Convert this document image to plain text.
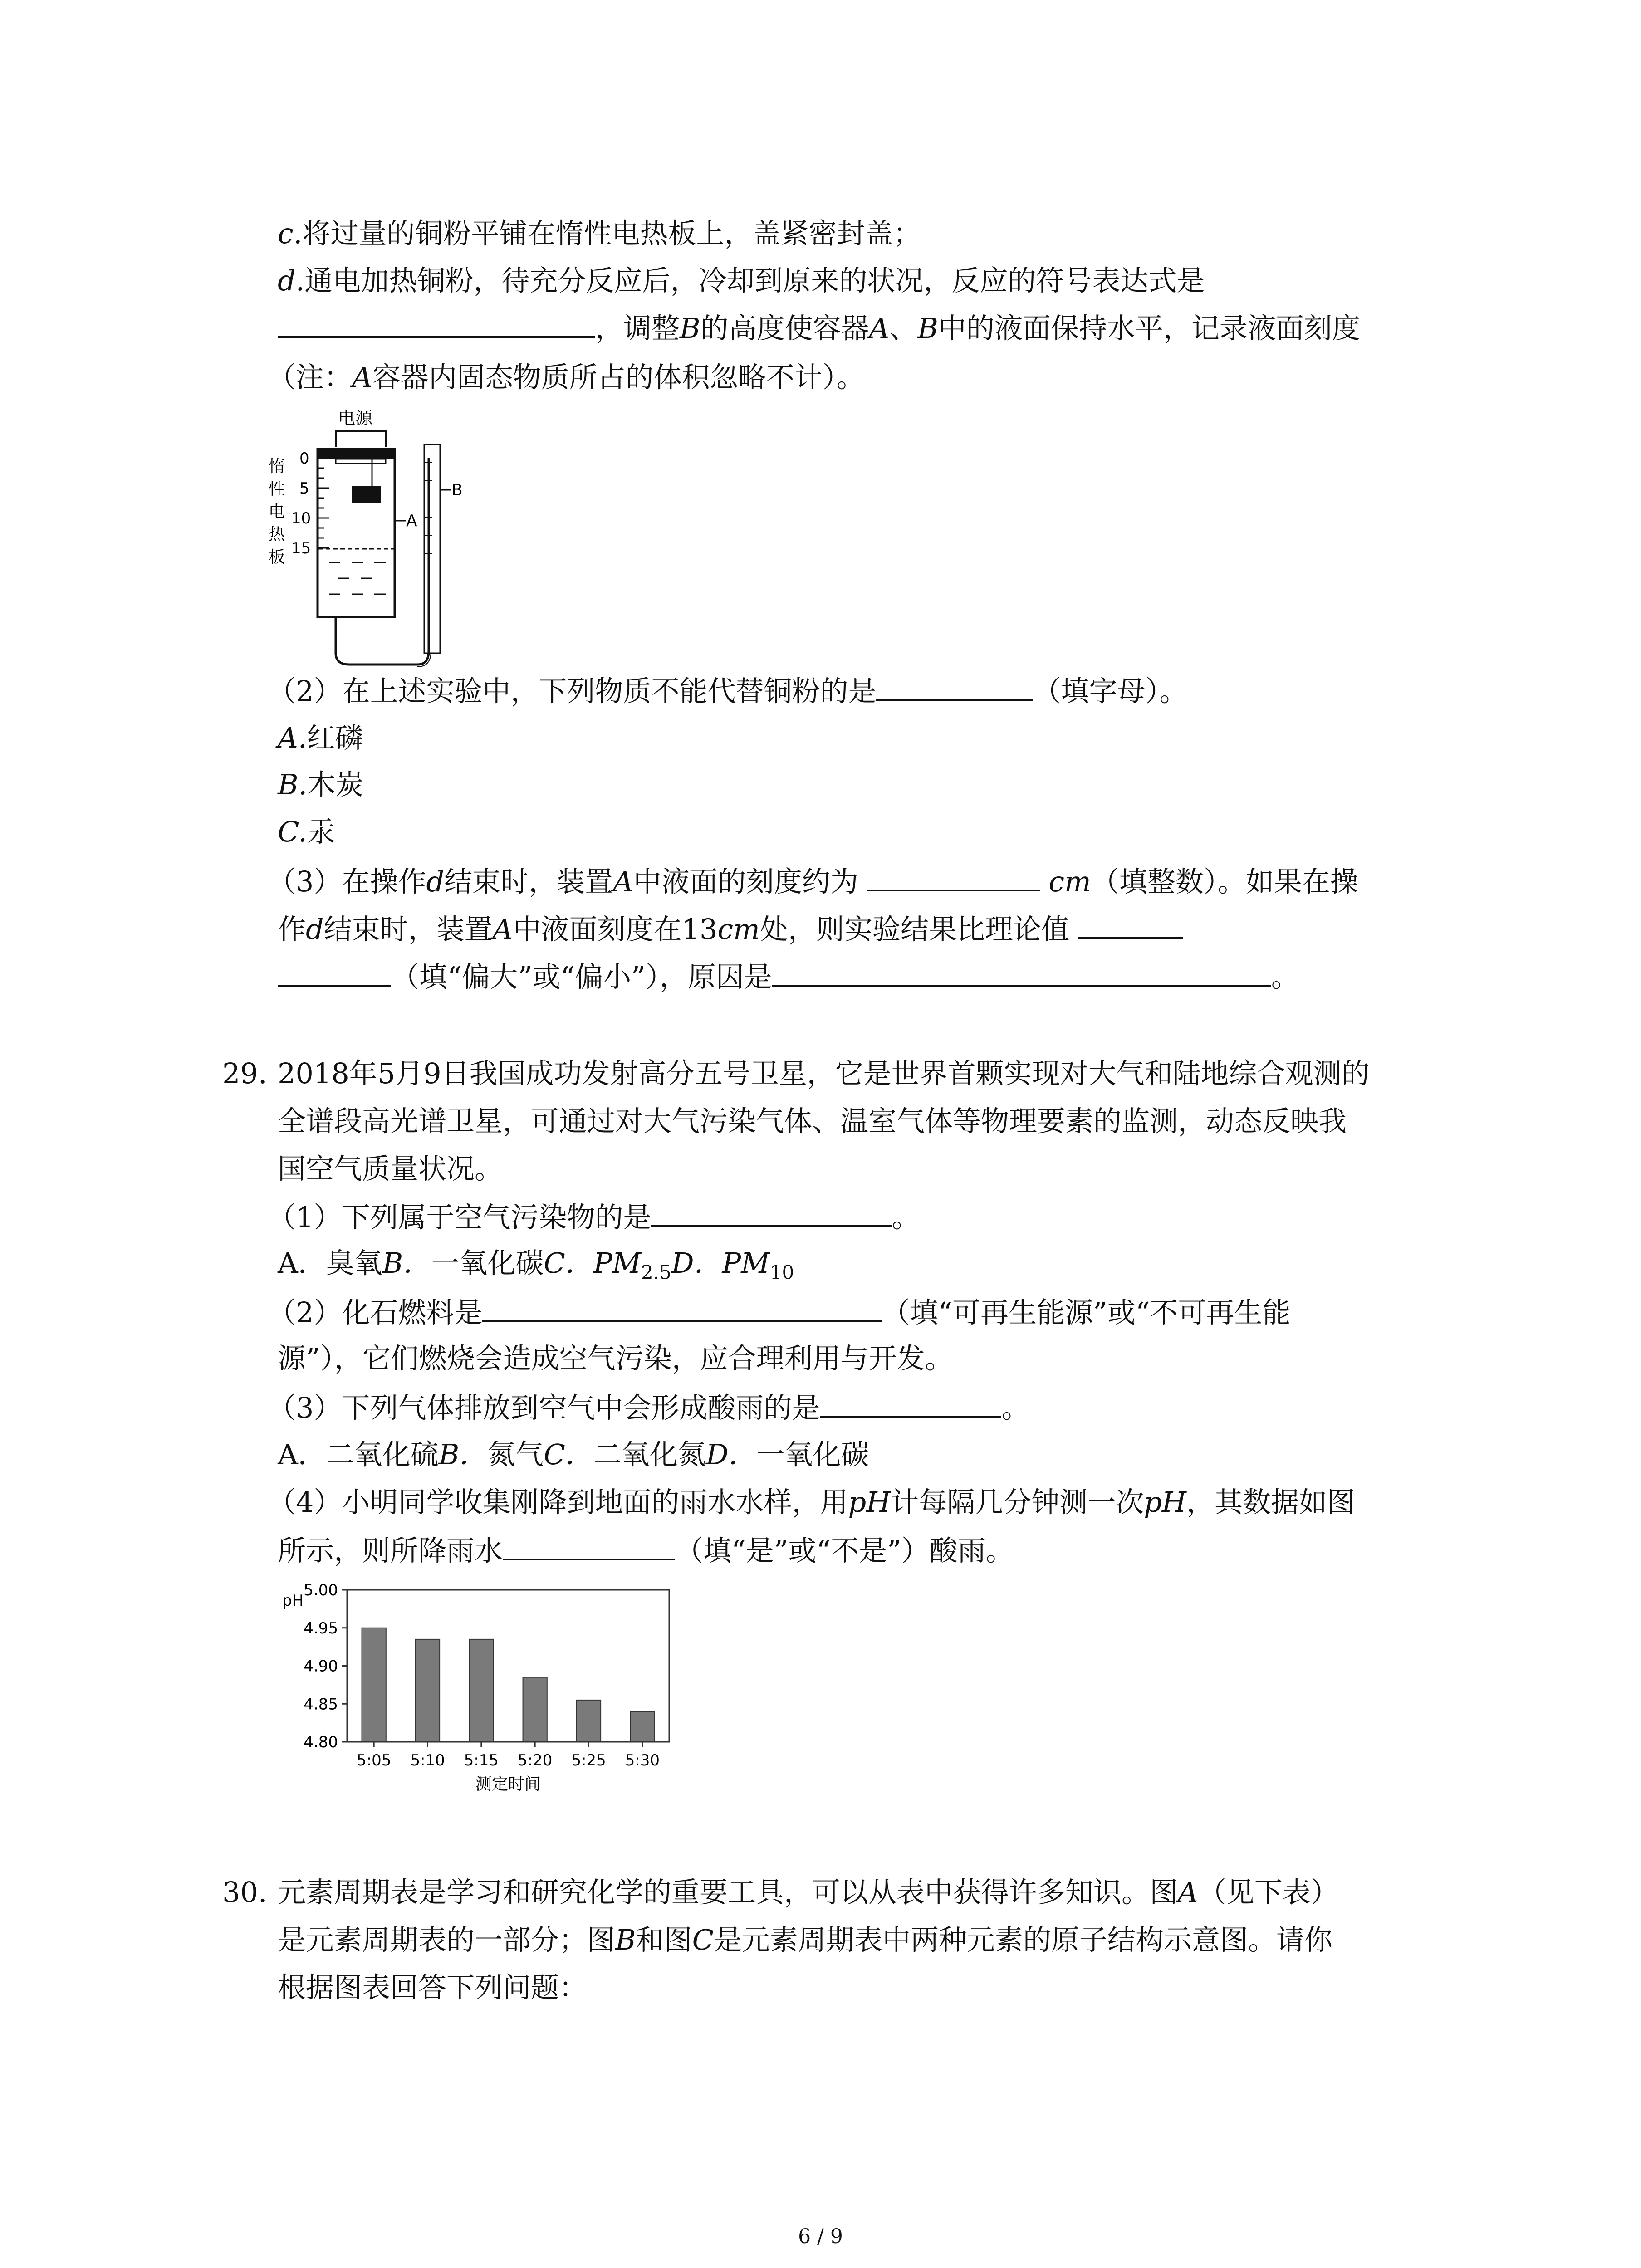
c.将过量的铜粉平铺在惰性电热板上，盖紧密封盖；
d.通电加热铜粉，待充分反应后，冷却到原来的状况，反应的符号表达式是
，调整B的高度使容器A、B中的液面保持水平，记录液面刻度
（注：A容器内固态物质所占的体积忽略不计）。
电源
0
5
10
15
惰
性
电
热
板
B
A
（2）在上述实验中，下列物质不能代替铜粉的是	（填字母）。
A.红磷
B.木炭
C.汞
（3）在操作d结束时，装置A中液面的刻度约为	cm（填整数）。如果在操
作d结束时，装置A中液面刻度在13cm处，则实验结果比理论值
（填“偏大”或“偏小”），原因是	。
29. 2018年5月9日我国成功发射高分五号卫星，它是世界首颗实现对大气和陆地综合观测的
全谱段高光谱卫星，可通过对大气污染气体、温室气体等物理要素的监测，动态反映我
国空气质量状况。
（1）下列属于空气污染物的是	。
A．臭氧B．一氧化碳C．$PM_{2.5}D$．$PM_{10}$
（2）化石燃料是	（填“可再生能源”或“不可再生能
源”），它们燃烧会造成空气污染，应合理利用与开发。
（3）下列气体排放到空气中会形成酸雨的是	。
A．二氧化硫B．氮气C．二氧化氮D．一氧化碳
（4）小明同学收集刚降到地面的雨水水样，用pH计每隔几分钟测一次pH，其数据如图
所示，则所降雨水	（填“是”或“不是”）酸雨。
pH
5.00
4.95
4.90
4.85
4.80
5:05 5:10 5:15 5:20 5:25 5:30
测定时间
30. 元素周期表是学习和研究化学的重要工具，可以从表中获得许多知识。图A（见下表）
是元素周期表的一部分；图B和图C是元素周期表中两种元素的原子结构示意图。请你
根据图表回答下列问题：
6 / 9
